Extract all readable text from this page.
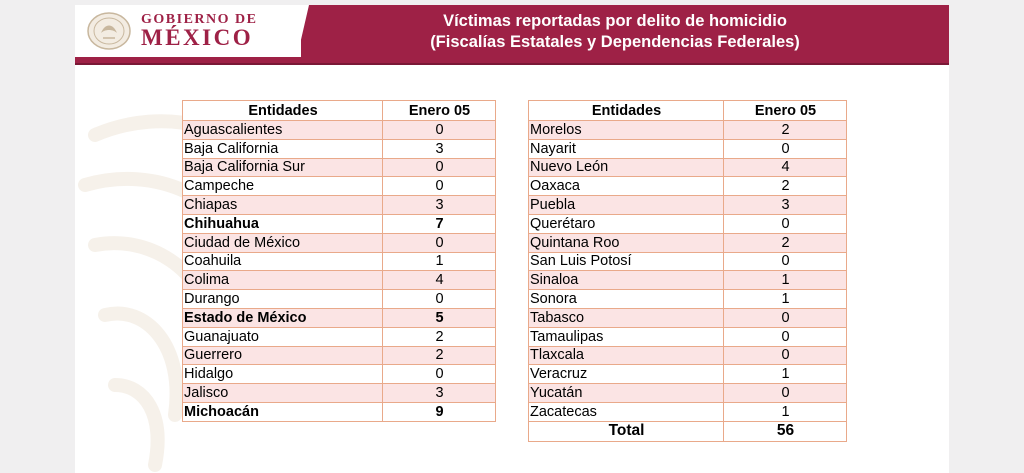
GOBIERNO DE
MÉXICO
Víctimas reportadas por delito de homicidio
(Fiscalías Estatales y Dependencias Federales)
Entidades	Enero 05
Aguascalientes	0
Baja California	3
Baja California Sur	0
Campeche	0
Chiapas	3
Chihuahua	7
Ciudad de México	0
Coahuila	1
Colima	4
Durango	0
Estado de México	5
Guanajuato	2
Guerrero	2
Hidalgo	0
Jalisco	3
Michoacán	9
Entidades	Enero 05
Morelos	2
Nayarit	0
Nuevo León	4
Oaxaca	2
Puebla	3
Querétaro	0
Quintana Roo	2
San Luis Potosí	0
Sinaloa	1
Sonora	1
Tabasco	0
Tamaulipas	0
Tlaxcala	0
Veracruz	1
Yucatán	0
Zacatecas	1
Total	56
